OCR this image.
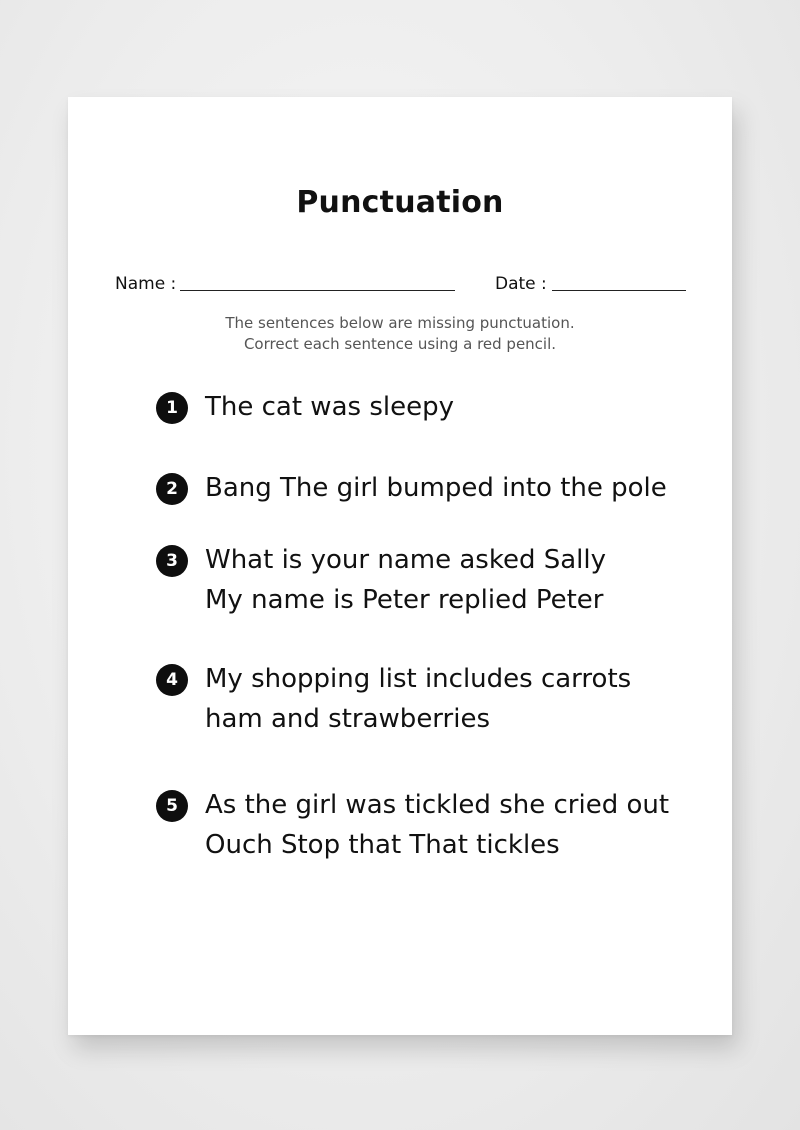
Punctuation
Name :	Date :
The sentences below are missing punctuation.
Correct each sentence using a red pencil.
1	The cat was sleepy
2	Bang The girl bumped into the pole
3	What is your name asked Sally
My name is Peter replied Peter
4	My shopping list includes carrots
ham and strawberries
5	As the girl was tickled she cried out
Ouch Stop that That tickles
